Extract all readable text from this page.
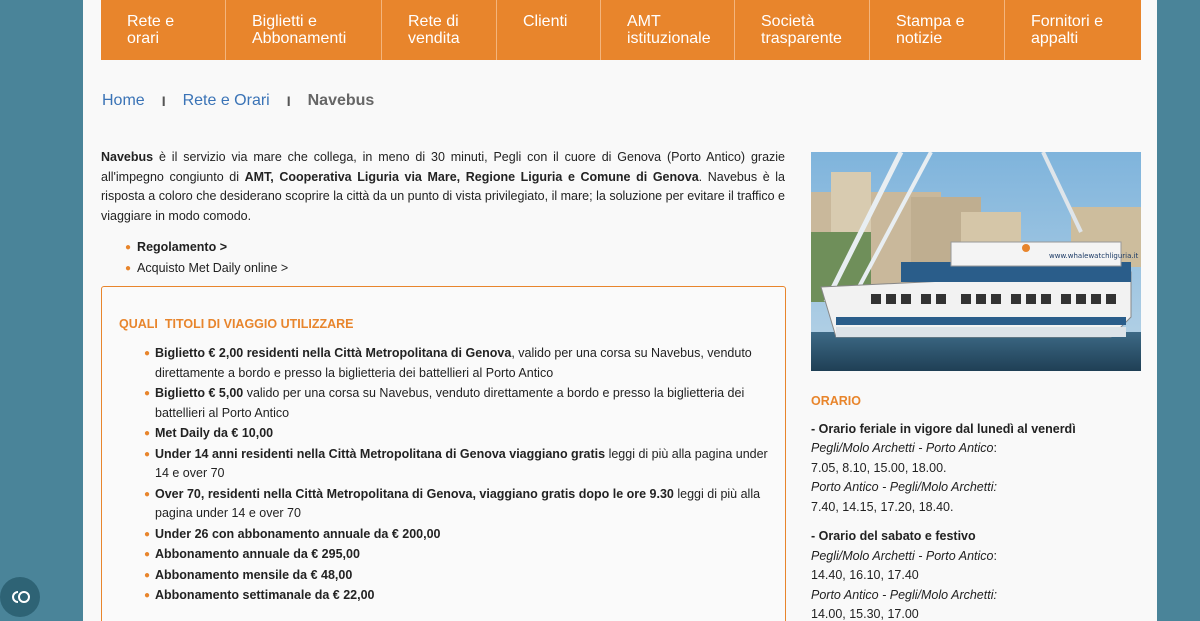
Rete e
orari
Biglietti e
Abbonamenti
Rete di
vendita
Clienti	AMT
istituzionale
Società
trasparente
Stampa e
notizie
Fornitori e
appalti
Home I Rete e Orari I Navebus

Navebus è il servizio via mare che collega, in meno di 30 minuti, Pegli con il cuore di Genova (Porto Antico) grazie all'impegno congiunto di AMT, Cooperativa Liguria via Mare, Regione Liguria e Comune di Genova. Navebus è la risposta a coloro che desiderano scoprire la città da un punto di vista privilegiato, il mare; la soluzione per evitare il traffico e viaggiare in modo comodo.

● Regolamento >
● Acquisto Met Daily online >
QUALI  TITOLI DI VIAGGIO UTILIZZARE
● Biglietto € 2,00 residenti nella Città Metropolitana di Genova, valido per una corsa su Navebus, venduto direttamente a bordo e presso la biglietteria dei battellieri al Porto Antico
● Biglietto € 5,00 valido per una corsa su Navebus, venduto direttamente a bordo e presso la biglietteria dei battellieri al Porto Antico
● Met Daily da € 10,00
● Under 14 anni residenti nella Città Metropolitana di Genova viaggiano gratis leggi di più alla pagina under 14 e over 70
● Over 70, residenti nella Città Metropolitana di Genova, viaggiano gratis dopo le ore 9.30 leggi di più alla pagina under 14 e over 70
● Under 26 con abbonamento annuale da € 200,00
● Abbonamento annuale da € 295,00
● Abbonamento mensile da € 48,00
● Abbonamento settimanale da € 22,00
www.whalewatchliguria.it
ORARIO

- Orario feriale in vigore dal lunedì al venerdì

Pegli/Molo Archetti - Porto Antico:

7.05, 8.10, 15.00, 18.00.

Porto Antico - Pegli/Molo Archetti:

7.40, 14.15, 17.20, 18.40.

- Orario del sabato e festivo

Pegli/Molo Archetti - Porto Antico:

14.40, 16.10, 17.40

Porto Antico - Pegli/Molo Archetti:

14.00, 15.30, 17.00
